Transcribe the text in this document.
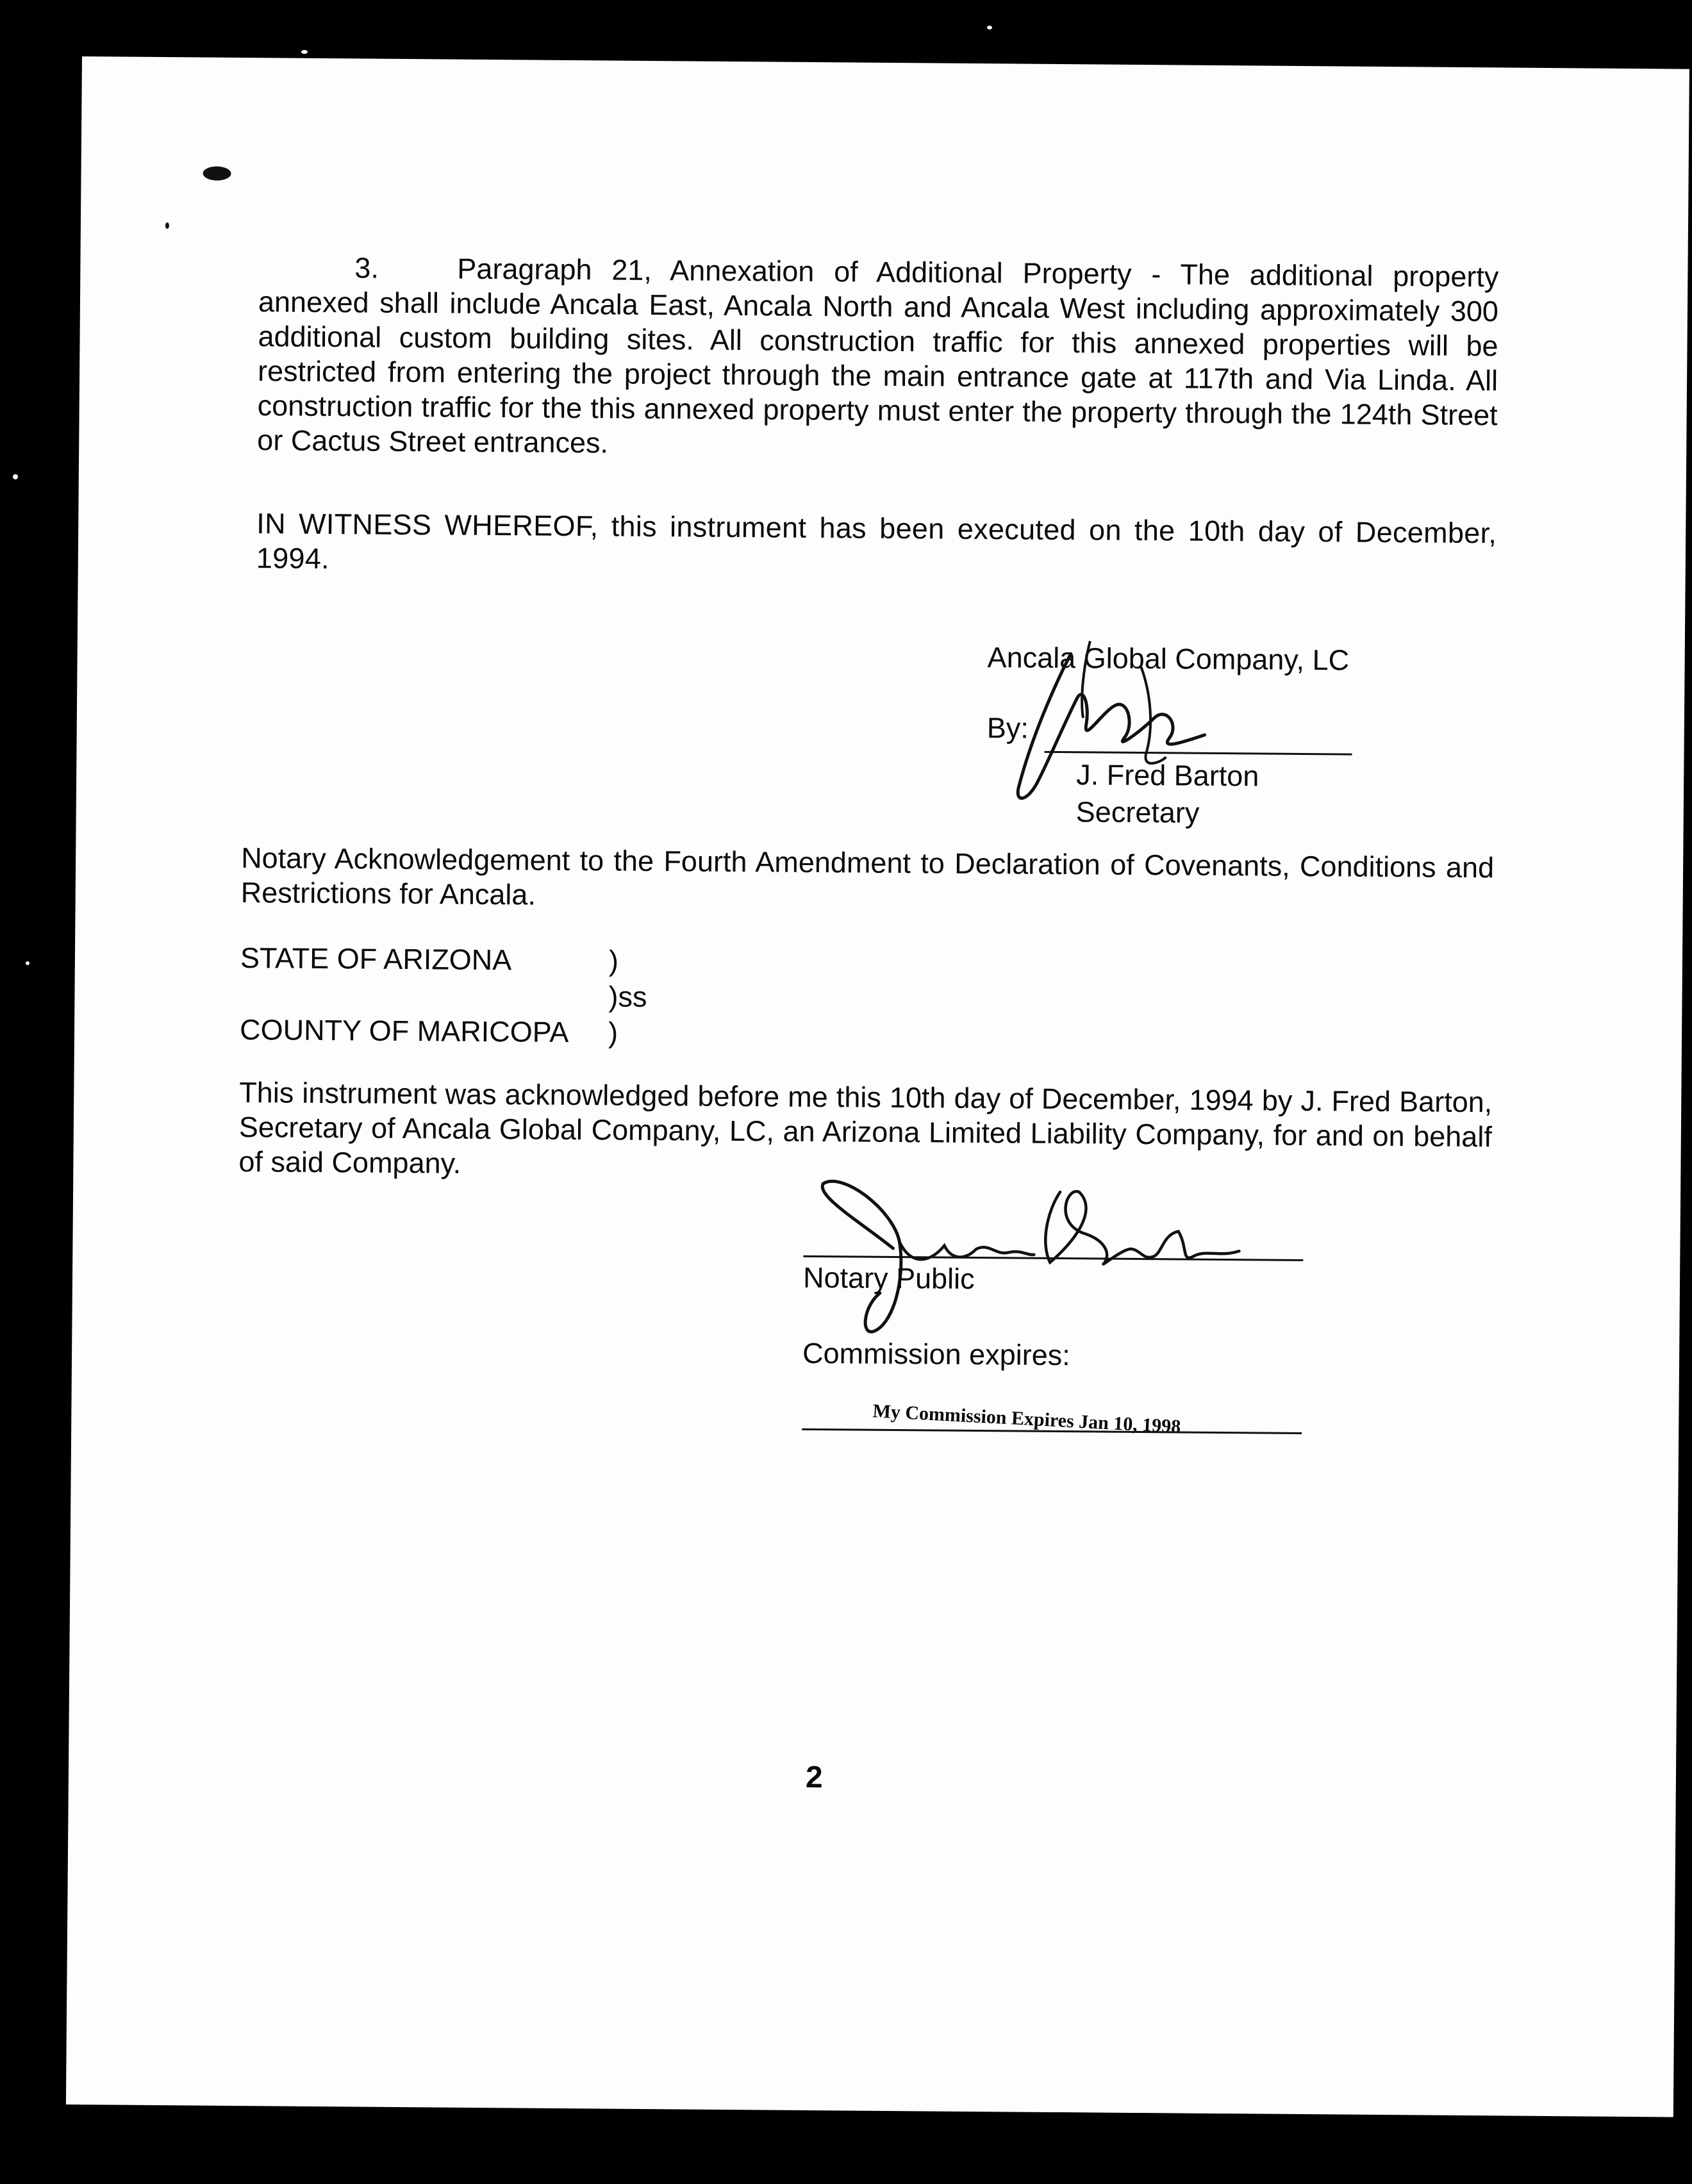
3.	Paragraph 21, Annexation of Additional Property - The additional property annexed shall include Ancala East, Ancala North and Ancala West including approximately 300 additional custom building sites. All construction traffic for this annexed properties will be restricted from entering the project through the main entrance gate at 117th and Via Linda. All construction traffic for the this annexed property must enter the property through the 124th Street or Cactus Street entrances.
IN WITNESS WHEREOF, this instrument has been executed on the 10th day of December, 1994.
Ancala Global Company, LC
By:
J. Fred Barton
Secretary
Notary Acknowledgement to the Fourth Amendment to Declaration of Covenants, Conditions and Restrictions for Ancala.
STATE OF ARIZONA	)
)ss
COUNTY OF MARICOPA )
This instrument was acknowledged before me this 10th day of December, 1994 by J. Fred Barton, Secretary of Ancala Global Company, LC, an Arizona Limited Liability Company, for and on behalf of said Company.
Notary Public
Commission expires:
My Commission Expires Jan 10, 1998
2
